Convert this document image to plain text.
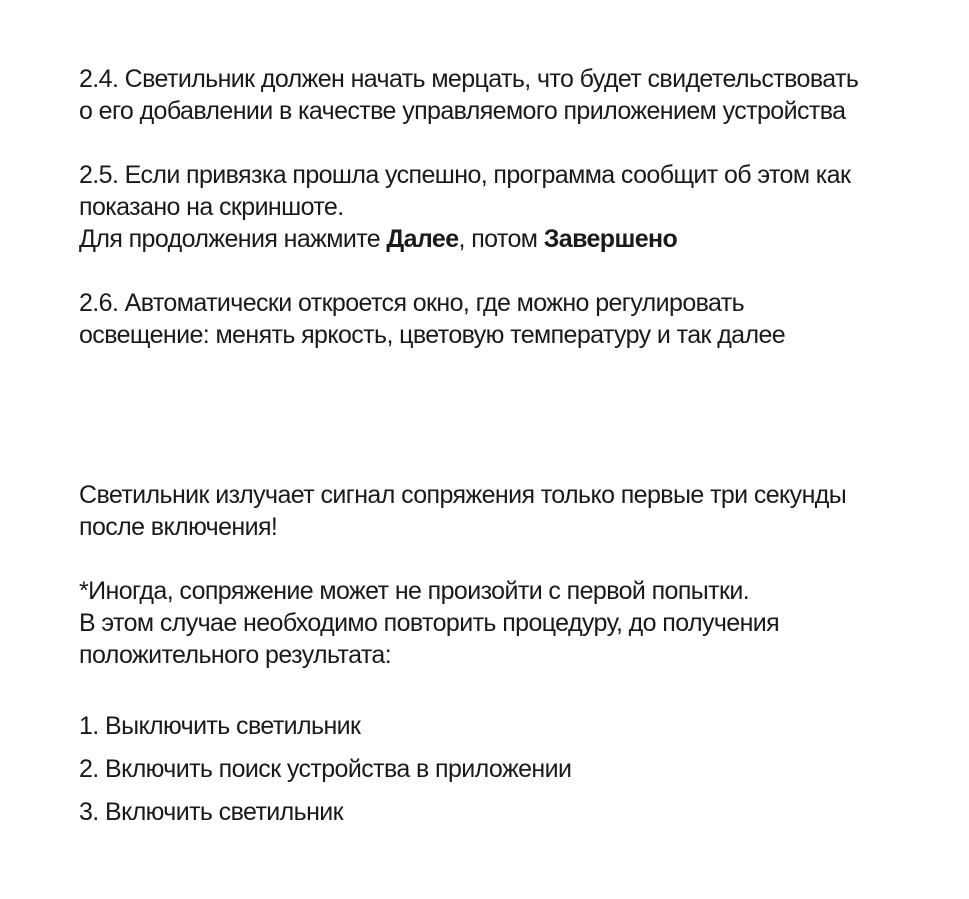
2.4. Светильник должен начать мерцать, что будет свидетельствовать
о его добавлении в качестве управляемого приложением устройства

2.5. Если привязка прошла успешно, программа сообщит об этом как
показано на скриншоте.
Для продолжения нажмите Далее, потом Завершено

2.6. Автоматически откроется окно, где можно регулировать
освещение: менять яркость, цветовую температуру и так далее

Светильник излучает сигнал сопряжения только первые три секунды
после включения!

*Иногда, сопряжение может не произойти с первой попытки.
В этом случае необходимо повторить процедуру, до получения
положительного результата:

1. Выключить светильник
2. Включить поиск устройства в приложении
3. Включить светильник
